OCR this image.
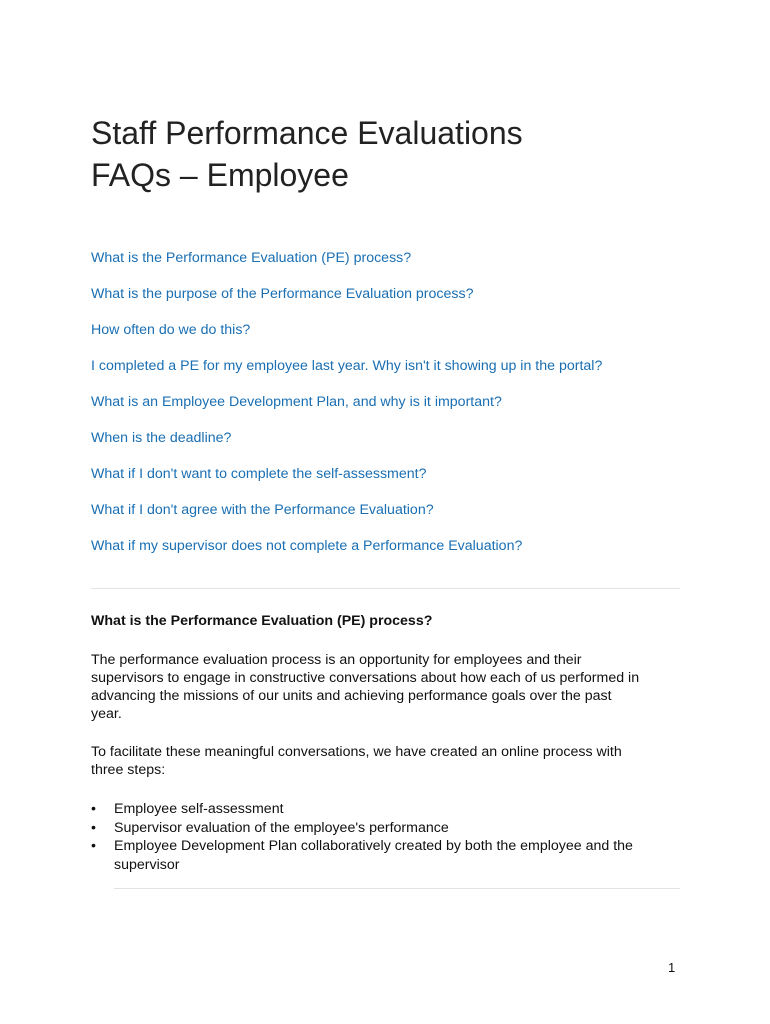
Staff Performance Evaluations
FAQs – Employee
What is the Performance Evaluation (PE) process?
What is the purpose of the Performance Evaluation process?
How often do we do this?
I completed a PE for my employee last year. Why isn't it showing up in the portal?
What is an Employee Development Plan, and why is it important?
When is the deadline?
What if I don't want to complete the self-assessment?
What if I don't agree with the Performance Evaluation?
What if my supervisor does not complete a Performance Evaluation?
What is the Performance Evaluation (PE) process?

The performance evaluation process is an opportunity for employees and their
supervisors to engage in constructive conversations about how each of us performed in
advancing the missions of our units and achieving performance goals over the past
year.

To facilitate these meaningful conversations, we have created an online process with
three steps:

• Employee self-assessment
• Supervisor evaluation of the employee's performance
• Employee Development Plan collaboratively created by both the employee and the
supervisor
1
